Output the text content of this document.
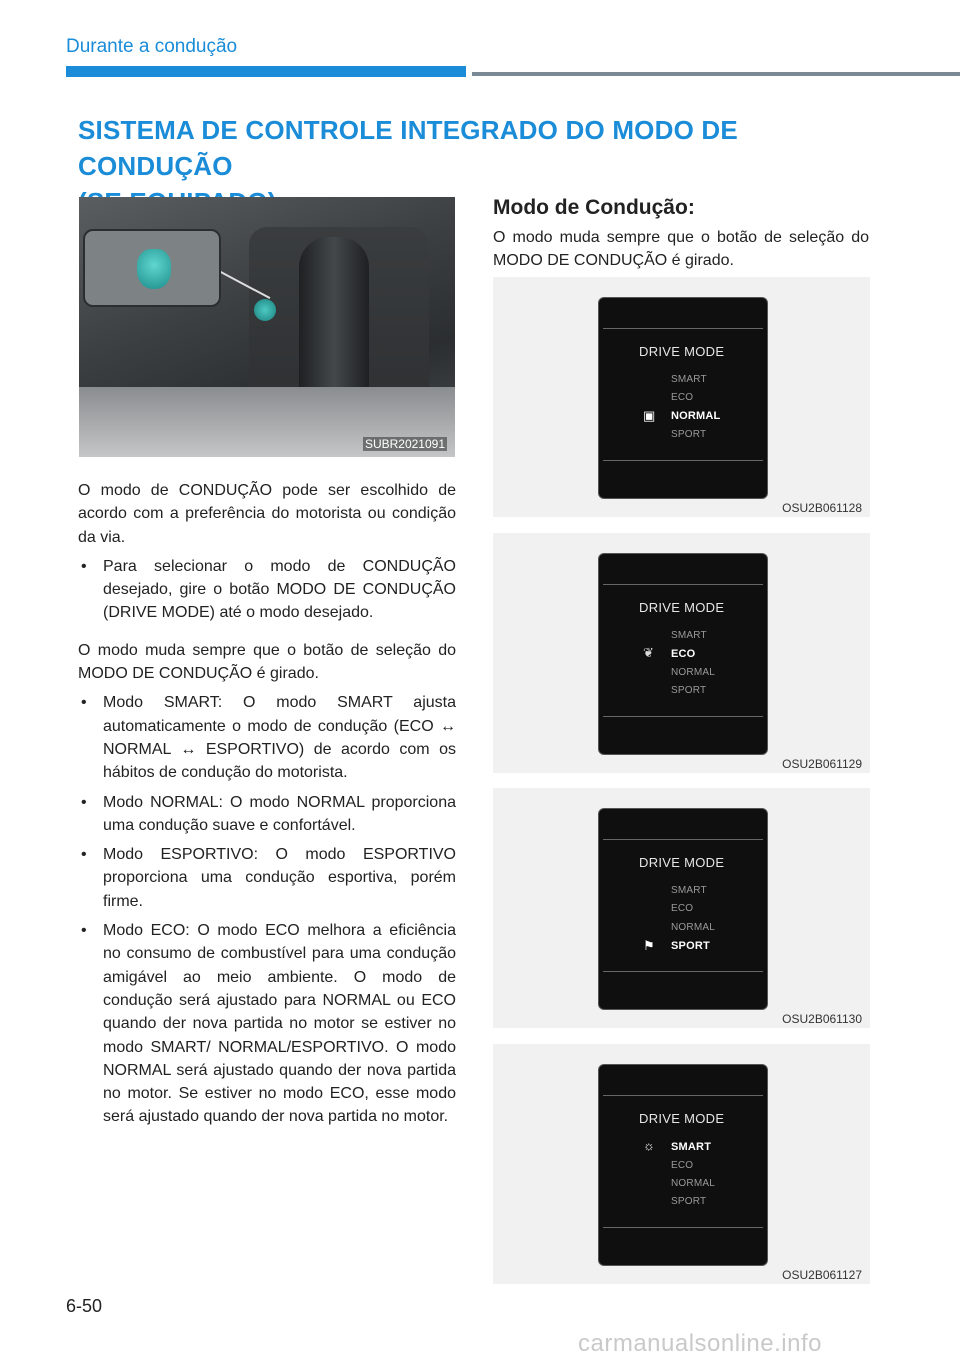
Durante a condução
SISTEMA DE CONTROLE INTEGRADO DO MODO DE CONDUÇÃO
SUBR2021091

O modo de CONDUÇÃO pode ser escolhido de acordo com a preferência do motorista ou condição da via.

• Para selecionar o modo de CONDUÇÃO desejado, gire o botão MODO DE CONDUÇÃO (DRIVE MODE) até o modo desejado.

O modo muda sempre que o botão de seleção do MODO DE CONDUÇÃO é girado.

• Modo SMART: O modo SMART ajusta automaticamente o modo de condução (ECO ↔ NORMAL ↔ ESPORTIVO) de acordo com os hábitos de condução do motorista.

• Modo NORMAL: O modo NORMAL proporciona uma condução suave e confortável.

• Modo ESPORTIVO: O modo ESPORTIVO proporciona uma condução esportiva, porém firme.

• Modo ECO: O modo ECO melhora a eficiência no consumo de combustível para uma condução amigável ao meio ambiente. O modo de condução será ajustado para NORMAL ou ECO quando der nova partida no motor se estiver no modo SMART/ NORMAL/ESPORTIVO. O modo NORMAL será ajustado quando der nova partida no motor. Se estiver no modo ECO, esse modo será ajustado quando der nova partida no motor.

Modo de Condução:
O modo muda sempre que o botão de seleção do MODO DE CONDUÇÃO é girado.
DRIVE MODE
SMART
ECO
▣ NORMAL
SPORT
OSU2B061128
DRIVE MODE
SMART
❦ ECO
NORMAL
SPORT
OSU2B061129
DRIVE MODE
SMART
ECO
NORMAL
⚑ SPORT
OSU2B061130
DRIVE MODE
☼ SMART
ECO
NORMAL
SPORT
OSU2B061127
6-50
carmanualsonline.info
